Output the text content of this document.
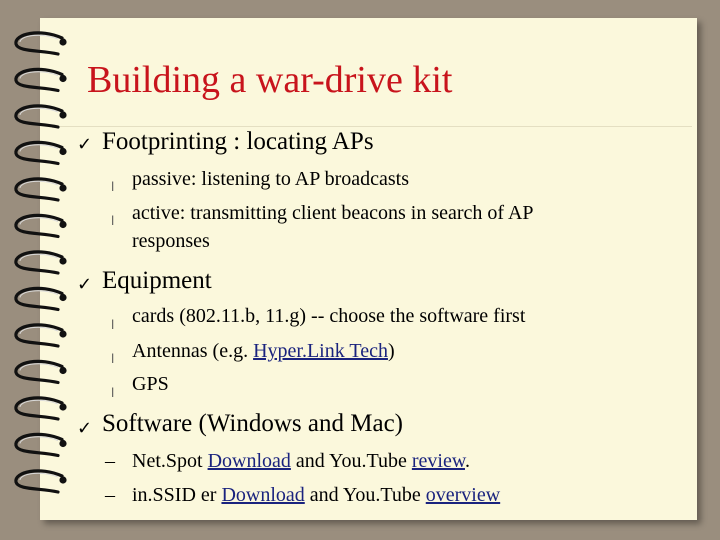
Building a war-drive kit
✓ Footprinting : locating APs
l passive: listening to AP broadcasts
l active: transmitting client beacons in search of AP
responses
✓ Equipment
l cards (802.11.b, 11.g) -- choose the software first
l Antennas (e.g. Hyper.Link Tech)
l GPS
✓ Software (Windows and Mac)
– Net.Spot Download and You.Tube review.
– in.SSID er Download and You.Tube overview
